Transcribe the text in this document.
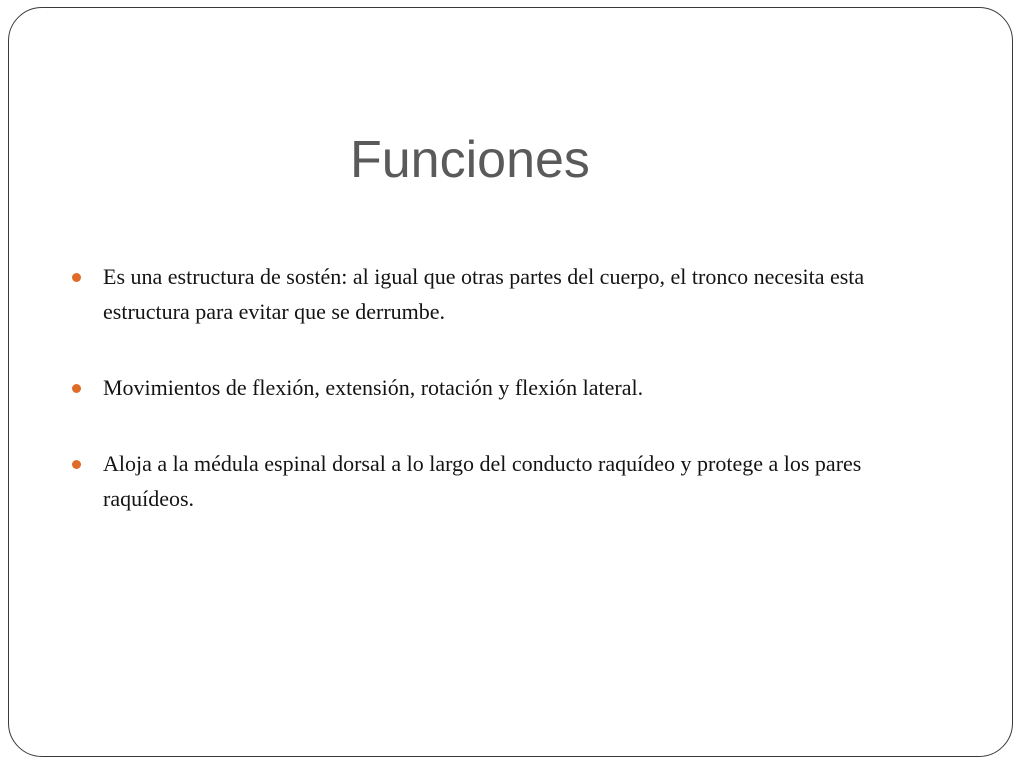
Funciones
Es una estructura de sostén: al igual que otras partes del cuerpo, el tronco necesita esta estructura para evitar que se derrumbe.
Movimientos de flexión, extensión, rotación y flexión lateral.
Aloja a la médula espinal dorsal a lo largo del conducto raquídeo y protege a los pares raquídeos.
